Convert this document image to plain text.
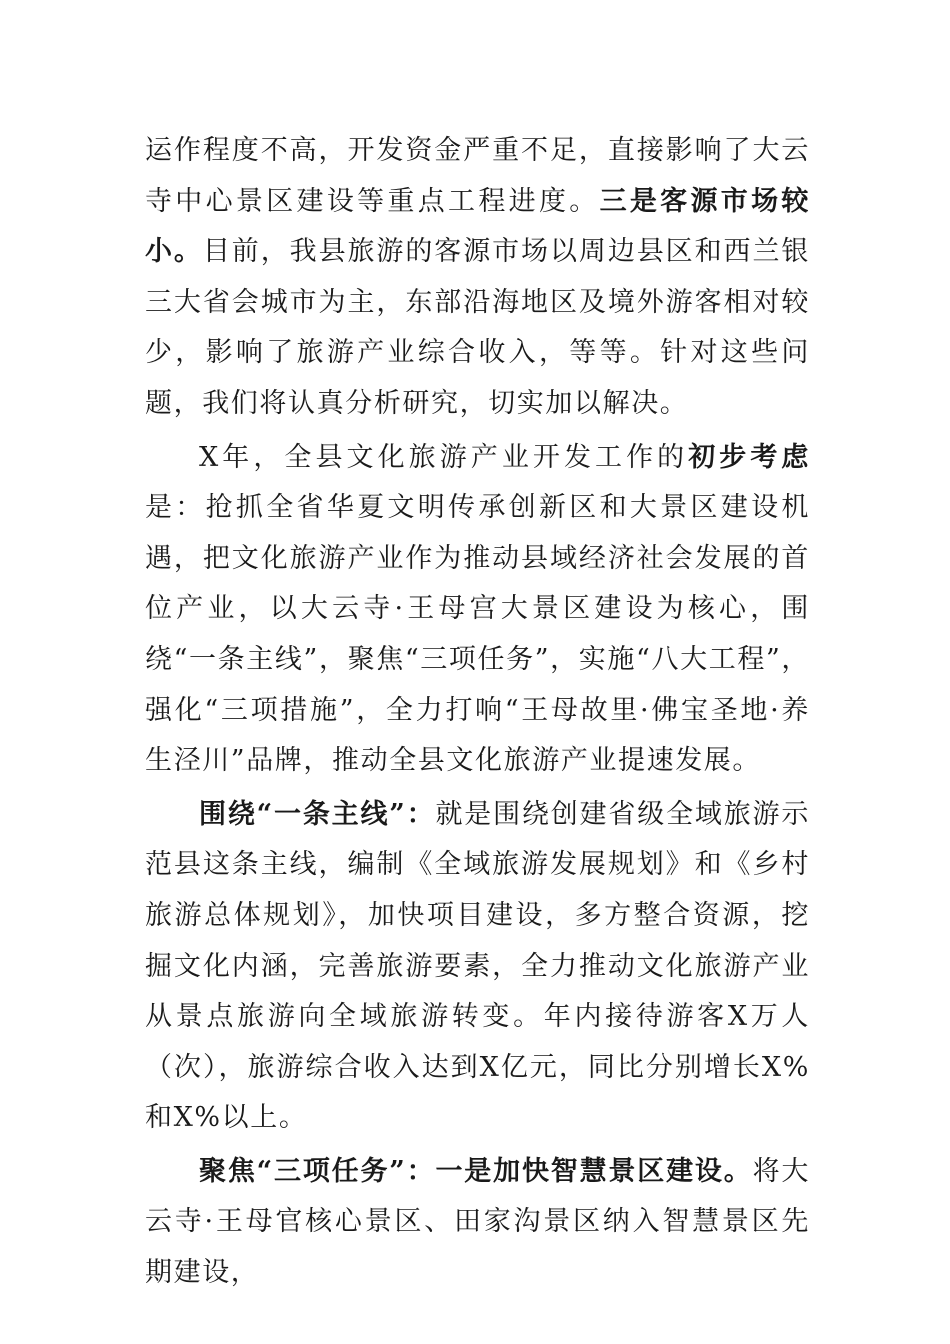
运作程度不高，开发资金严重不足，直接影响了大云寺中心景区建设等重点工程进度。三是客源市场较小。目前，我县旅游的客源市场以周边县区和西兰银三大省会城市为主，东部沿海地区及境外游客相对较少，影响了旅游产业综合收入，等等。针对这些问题，我们将认真分析研究，切实加以解决。

X年，全县文化旅游产业开发工作的初步考虑是：抢抓全省华夏文明传承创新区和大景区建设机遇，把文化旅游产业作为推动县域经济社会发展的首位产业，以大云寺·王母宫大景区建设为核心，围绕“一条主线”，聚焦“三项任务”，实施“八大工程”，强化“三项措施”，全力打响“王母故里·佛宝圣地·养生泾川”品牌，推动全县文化旅游产业提速发展。

围绕“一条主线”：就是围绕创建省级全域旅游示范县这条主线，编制《全域旅游发展规划》和《乡村旅游总体规划》，加快项目建设，多方整合资源，挖掘文化内涵，完善旅游要素，全力推动文化旅游产业从景点旅游向全域旅游转变。年内接待游客X万人（次），旅游综合收入达到X亿元，同比分别增长X%和X%以上。

聚焦“三项任务”：一是加快智慧景区建设。将大云寺·王母官核心景区、田家沟景区纳入智慧景区先期建设，
